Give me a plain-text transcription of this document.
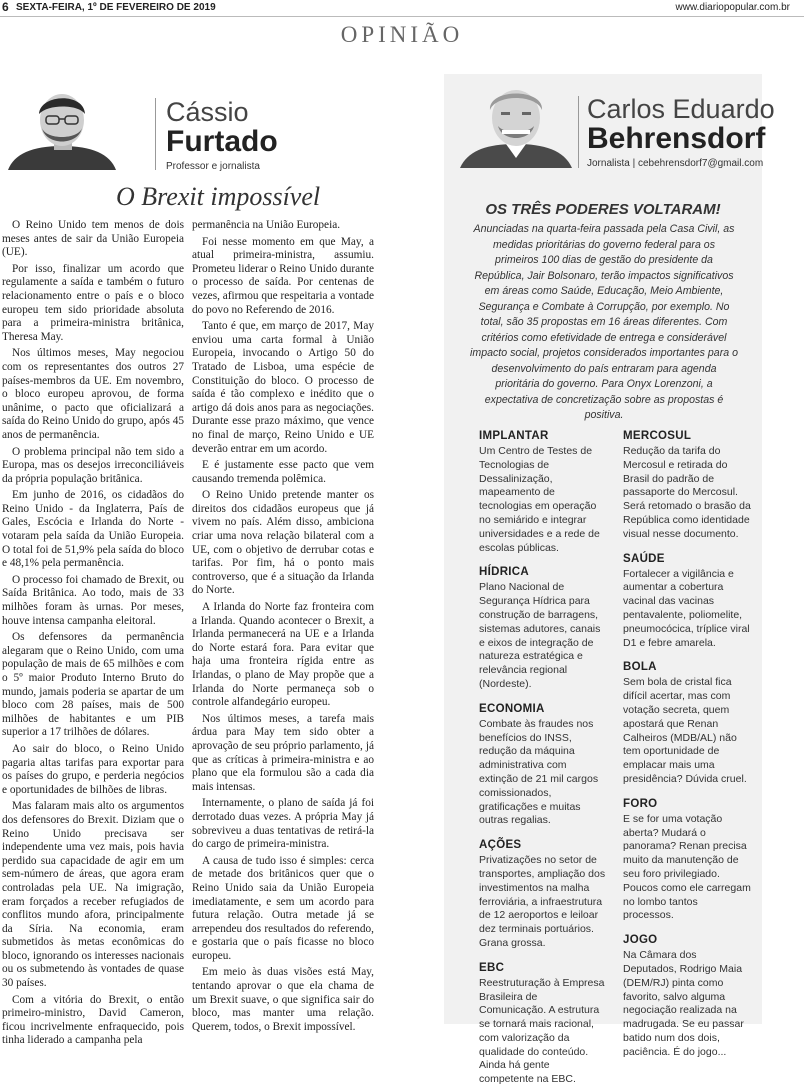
6 SEXTA-FEIRA, 1º DE FEVEREIRO DE 2019	www.diariopopular.com.br
OPINIÃO
Cássio
Furtado
Professor e jornalista
O Brexit impossível

O Reino Unido tem menos de dois meses antes de sair da União Europeia (UE).

Por isso, finalizar um acordo que regulamente a saída e também o futuro relacionamento entre o país e o bloco europeu tem sido prioridade absoluta para a primeira-ministra britânica, Theresa May.

Nos últimos meses, May negociou com os representantes dos outros 27 países-membros da UE. Em novembro, o bloco europeu aprovou, de forma unânime, o pacto que oficializará a saída do Reino Unido do grupo, após 45 anos de permanência.

O problema principal não tem sido a Europa, mas os desejos irreconciliáveis da própria população britânica.

Em junho de 2016, os cidadãos do Reino Unido - da Inglaterra, País de Gales, Escócia e Irlanda do Norte - votaram pela saída da União Europeia. O total foi de 51,9% pela saída do bloco e 48,1% pela permanência.

O processo foi chamado de Brexit, ou Saída Britânica. Ao todo, mais de 33 milhões foram às urnas. Por meses, houve intensa campanha eleitoral.

Os defensores da permanência alegaram que o Reino Unido, com uma população de mais de 65 milhões e com o 5º maior Produto Interno Bruto do mundo, jamais poderia se apartar de um bloco com 28 países, mais de 500 milhões de habitantes e um PIB superior a 17 trilhões de dólares.

Ao sair do bloco, o Reino Unido pagaria altas tarifas para exportar para os países do grupo, e perderia negócios e oportunidades de bilhões de libras.

Mas falaram mais alto os argumentos dos defensores do Brexit. Diziam que o Reino Unido precisava ser independente uma vez mais, pois havia perdido sua capacidade de agir em um sem-número de áreas, que agora eram controladas pela UE. Na imigração, eram forçados a receber refugiados de conflitos mundo afora, principalmente da Síria. Na economia, eram submetidos às metas econômicas do bloco, ignorando os interesses nacionais ou os submetendo às vontades de quase 30 países.

Com a vitória do Brexit, o então primeiro-ministro, David Cameron, ficou incrivelmente enfraquecido, pois tinha liderado a campanha pela

permanência na União Europeia.

Foi nesse momento em que May, a atual primeira-ministra, assumiu. Prometeu liderar o Reino Unido durante o processo de saída. Por centenas de vezes, afirmou que respeitaria a vontade do povo no Referendo de 2016.

Tanto é que, em março de 2017, May enviou uma carta formal à União Europeia, invocando o Artigo 50 do Tratado de Lisboa, uma espécie de Constituição do bloco. O processo de saída é tão complexo e inédito que o artigo dá dois anos para as negociações. Durante esse prazo máximo, que vence no final de março, Reino Unido e UE deverão entrar em um acordo.

E é justamente esse pacto que vem causando tremenda polêmica.

O Reino Unido pretende manter os direitos dos cidadãos europeus que já vivem no país. Além disso, ambiciona criar uma nova relação bilateral com a UE, com o objetivo de derrubar cotas e tarifas. Por fim, há o ponto mais controverso, que é a situação da Irlanda do Norte.

A Irlanda do Norte faz fronteira com a Irlanda. Quando acontecer o Brexit, a Irlanda permanecerá na UE e a Irlanda do Norte estará fora. Para evitar que haja uma fronteira rígida entre as Irlandas, o plano de May propõe que a Irlanda do Norte permaneça sob o controle alfandegário europeu.

Nos últimos meses, a tarefa mais árdua para May tem sido obter a aprovação de seu próprio parlamento, já que as críticas à primeira-ministra e ao plano que ela formulou são a cada dia mais intensas.

Internamente, o plano de saída já foi derrotado duas vezes. A própria May já sobreviveu a duas tentativas de retirá-la do cargo de primeira-ministra.

A causa de tudo isso é simples: cerca de metade dos britânicos quer que o Reino Unido saia da União Europeia imediatamente, e sem um acordo para futura relação. Outra metade já se arrependeu dos resultados do referendo, e gostaria que o país ficasse no bloco europeu.

Em meio às duas visões está May, tentando aprovar o que ela chama de um Brexit suave, o que significa sair do bloco, mas manter uma relação. Querem, todos, o Brexit impossível.

Carlos Eduardo
Behrensdorf
Jornalista | cebehrensdorf7@gmail.com
OS TRÊS PODERES VOLTARAM!
Anunciadas na quarta-feira passada pela Casa Civil, as medidas prioritárias do governo federal para os primeiros 100 dias de gestão do presidente da República, Jair Bolsonaro, terão impactos significativos em áreas como Saúde, Educação, Meio Ambiente, Segurança e Combate à Corrupção, por exemplo. No total, são 35 propostas em 16 áreas diferentes. Com critérios como efetividade de entrega e considerável impacto social, projetos considerados importantes para o desenvolvimento do país entraram para agenda prioritária do governo. Para Onyx Lorenzoni, a expectativa de concretização sobre as propostas é positiva.
IMPLANTAR
Um Centro de Testes de Tecnologias de Dessalinização, mapeamento de tecnologias em operação no semiárido e integrar universidades e a rede de escolas públicas.
HÍDRICA
Plano Nacional de Segurança Hídrica para construção de barragens, sistemas adutores, canais e eixos de integração de natureza estratégica e relevância regional (Nordeste).
ECONOMIA
Combate às fraudes nos benefícios do INSS, redução da máquina administrativa com extinção de 21 mil cargos comissionados, gratificações e muitas outras regalias.
AÇÕES
Privatizações no setor de transportes, ampliação dos investimentos na malha ferroviária, a infraestrutura de 12 aeroportos e leiloar dez terminais portuários. Grana grossa.
EBC
Reestruturação à Empresa Brasileira de Comunicação. A estrutura se tornará mais racional, com valorização da qualidade do conteúdo. Ainda há gente competente na EBC.
MERCOSUL
Redução da tarifa do Mercosul e retirada do Brasil do padrão de passaporte do Mercosul. Será retomado o brasão da República como identidade visual nesse documento.
SAÚDE
Fortalecer a vigilância e aumentar a cobertura vacinal das vacinas pentavalente, poliomelite, pneumocócica, tríplice viral D1 e febre amarela.
BOLA
Sem bola de cristal fica difícil acertar, mas com votação secreta, quem apostará que Renan Calheiros (MDB/AL) não tem oportunidade de emplacar mais uma presidência? Dúvida cruel.
FORO
E se for uma votação aberta? Mudará o panorama? Renan precisa muito da manutenção de seu foro privilegiado. Poucos como ele carregam no lombo tantos processos.
JOGO
Na Câmara dos Deputados, Rodrigo Maia (DEM/RJ) pinta como favorito, salvo alguma negociação realizada na madrugada. Se eu passar batido num dos dois, paciência. É do jogo...
